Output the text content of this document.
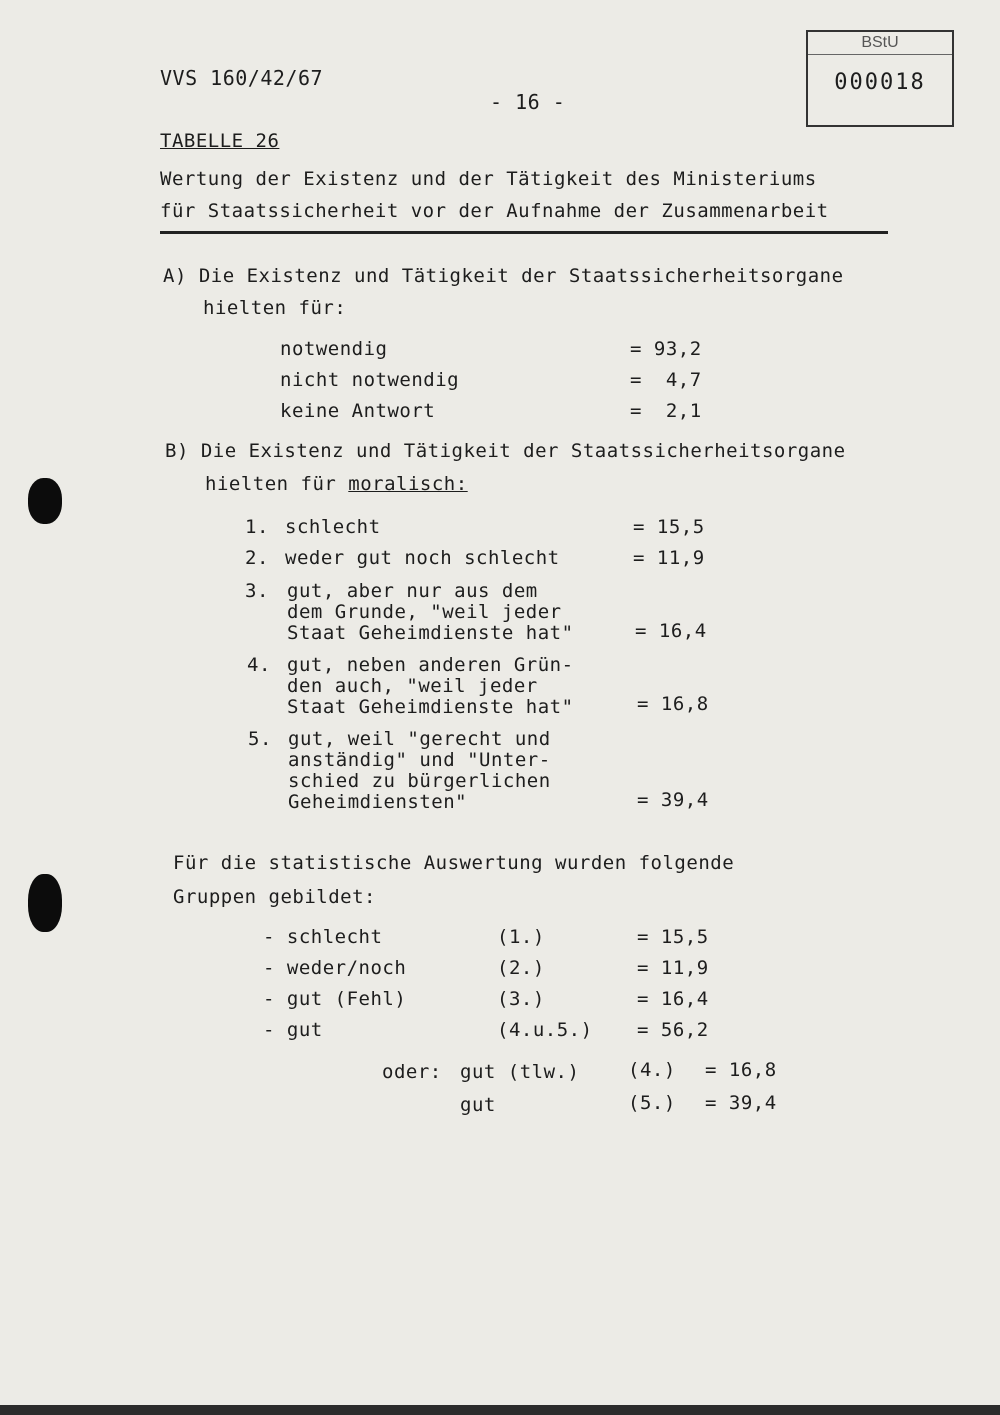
VVS 160/42/67
- 16 -
BStU
000018
TABELLE 26
Wertung der Existenz und der Tätigkeit des Ministeriums
für Staatssicherheit vor der Aufnahme der Zusammenarbeit
A) Die Existenz und Tätigkeit der Staatssicherheitsorgane
hielten für:
notwendig	= 93,2
nicht notwendig	=  4,7
keine Antwort	=  2,1
B) Die Existenz und Tätigkeit der Staatssicherheitsorgane
hielten für moralisch:
1. schlecht	= 15,5
2. weder gut noch schlecht	= 11,9
3. gut, aber nur aus dem
dem Grunde, "weil jeder
Staat Geheimdienste hat"	= 16,4
4. gut, neben anderen Grün-
den auch, "weil jeder
Staat Geheimdienste hat"	= 16,8
5. gut, weil "gerecht und
anständig" und "Unter-
schied zu bürgerlichen
Geheimdiensten"	= 39,4
Für die statistische Auswertung wurden folgende
Gruppen gebildet:
- schlecht	(1.)	= 15,5
- weder/noch	(2.)	= 11,9
- gut (Fehl)	(3.)	= 16,4
- gut	(4.u.5.) = 56,2
oder: gut (tlw.)	(4.) = 16,8
gut	(5.) = 39,4
